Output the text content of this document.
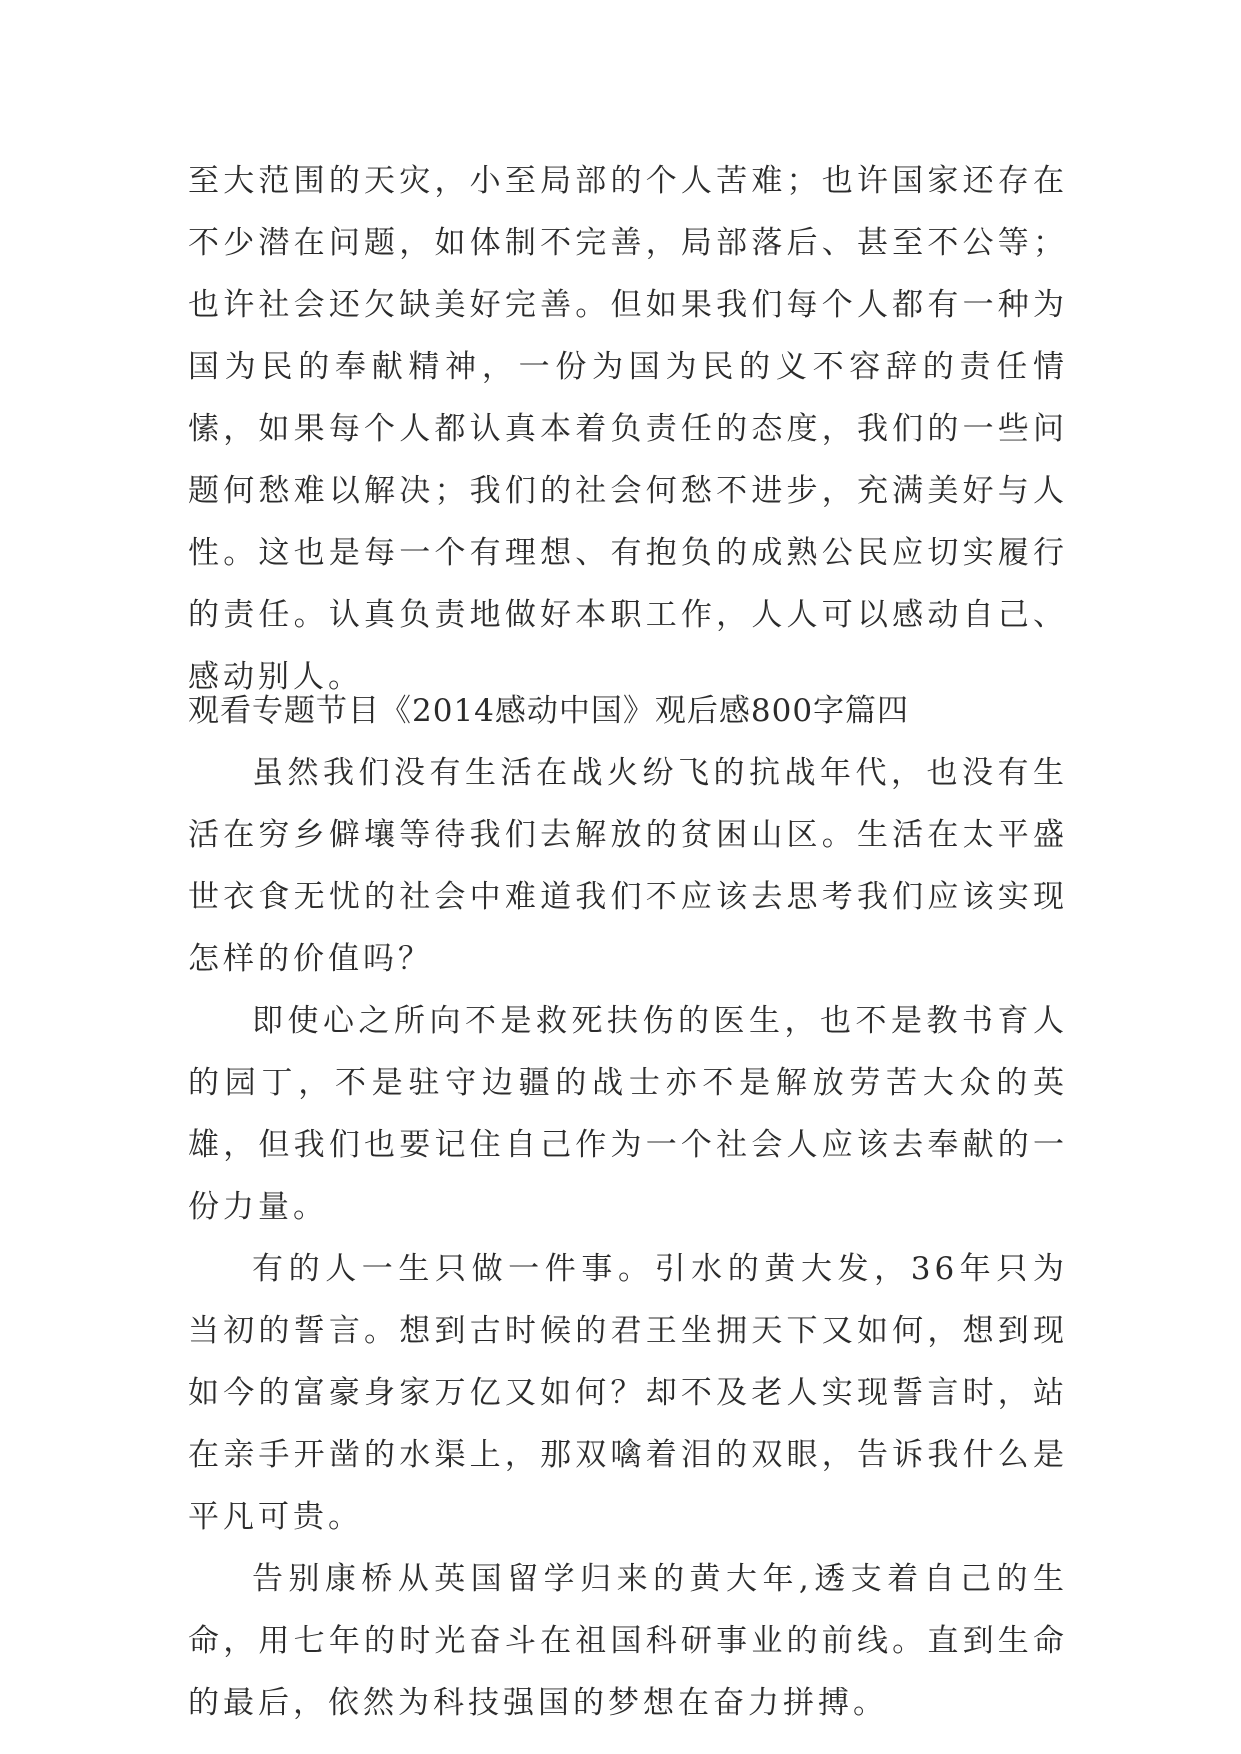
至大范围的天灾，小至局部的个人苦难；也许国家还存在不少潜在问题，如体制不完善，局部落后、甚至不公等；也许社会还欠缺美好完善。但如果我们每个人都有一种为国为民的奉献精神，一份为国为民的义不容辞的责任情愫，如果每个人都认真本着负责任的态度，我们的一些问题何愁难以解决；我们的社会何愁不进步，充满美好与人性。这也是每一个有理想、有抱负的成熟公民应切实履行的责任。认真负责地做好本职工作，人人可以感动自己、感动别人。

观看专题节目《2014感动中国》观后感800字篇四

虽然我们没有生活在战火纷飞的抗战年代，也没有生活在穷乡僻壤等待我们去解放的贫困山区。生活在太平盛世衣食无忧的社会中难道我们不应该去思考我们应该实现怎样的价值吗？

即使心之所向不是救死扶伤的医生，也不是教书育人的园丁，不是驻守边疆的战士亦不是解放劳苦大众的英雄，但我们也要记住自己作为一个社会人应该去奉献的一份力量。

有的人一生只做一件事。引水的黄大发，36年只为当初的誓言。想到古时候的君王坐拥天下又如何，想到现如今的富豪身家万亿又如何？却不及老人实现誓言时，站在亲手开凿的水渠上，那双噙着泪的双眼，告诉我什么是平凡可贵。

告别康桥从英国留学归来的黄大年,透支着自己的生命，用七年的时光奋斗在祖国科研事业的前线。直到生命的最后，依然为科技强国的梦想在奋力拼搏。
